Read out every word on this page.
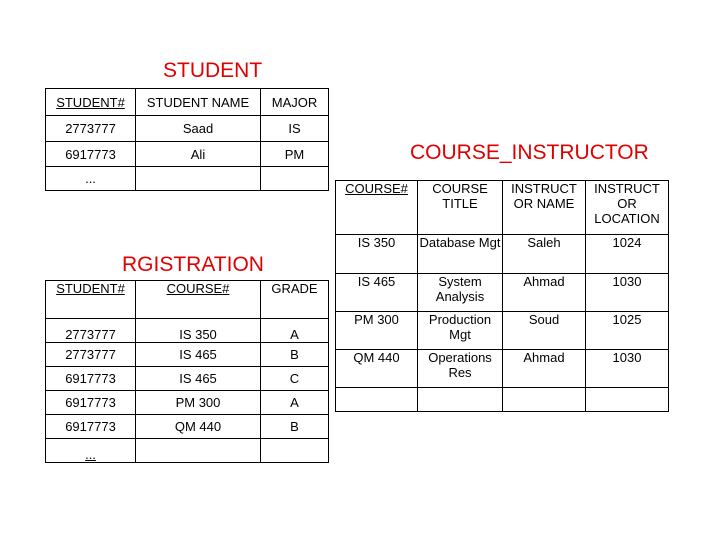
STUDENT
STUDENT#	STUDENT NAME	MAJOR
2773777	Saad	IS
6917773	Ali	PM
...		
RGISTRATION
STUDENT#	COURSE#	GRADE
2773777	IS 350	A
2773777	IS 465	B
6917773	IS 465	C
6917773	PM 300	A
6917773	QM 440	B
...		
COURSE_INSTRUCTOR
COURSE#	COURSE TITLE	INSTRUCT OR NAME	INSTRUCT OR LOCATION
IS 350	Database Mgt	Saleh	1024
IS 465	System Analysis	Ahmad	1030
PM 300	Production Mgt	Soud	1025
QM 440	Operations Res	Ahmad	1030
